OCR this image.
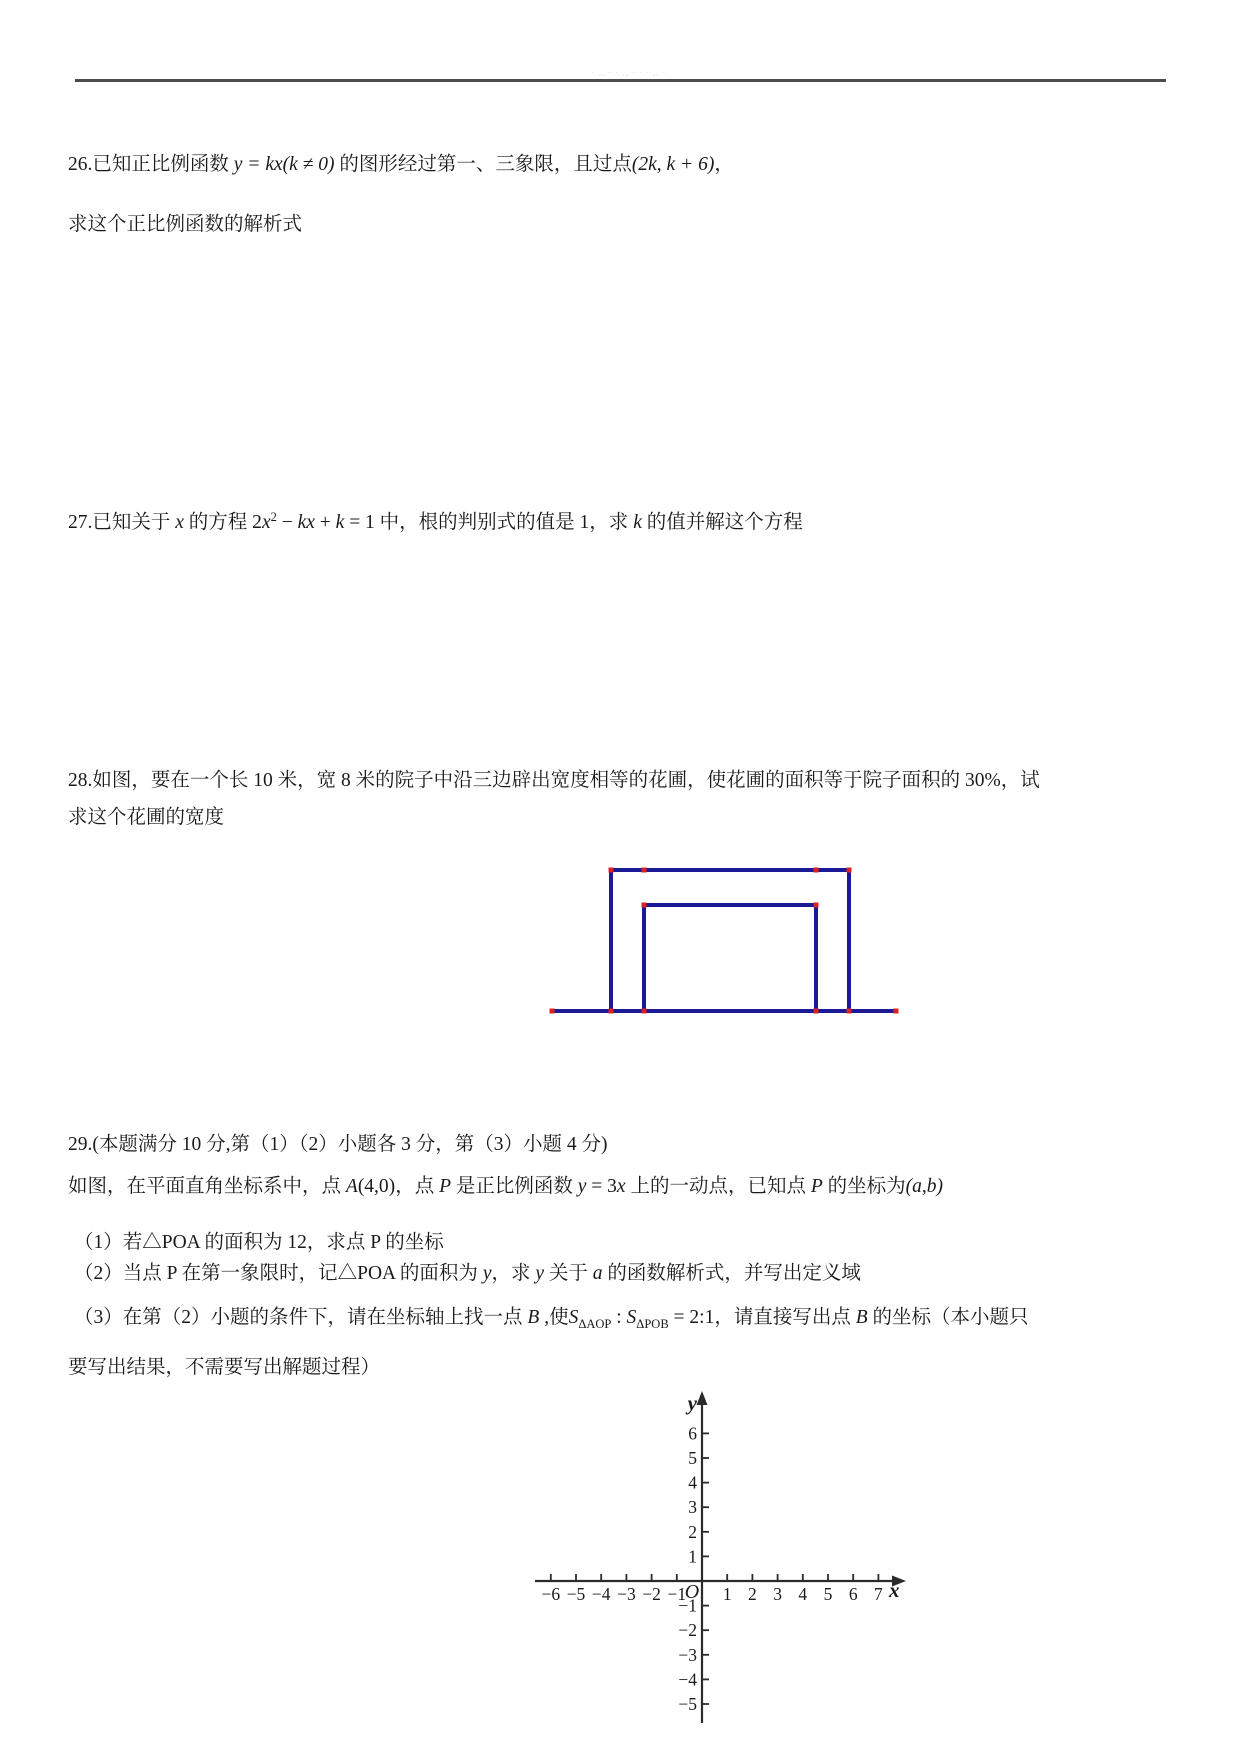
·‥··‥···‥·

26.已知正比例函数 y = kx(k ≠ 0) 的图形经过第一、三象限，且过点(2k, k + 6)，

求这个正比例函数的解析式

27.已知关于 x 的方程 $2x^2$ − kx + k = 1 中，根的判别式的值是 1，求 k 的值并解这个方程

28.如图，要在一个长 10 米，宽 8 米的院子中沿三边辟出宽度相等的花圃，使花圃的面积等于院子面积的 30%，试

求这个花圃的宽度

29.(本题满分 10 分,第（1）（2）小题各 3 分，第（3）小题 4 分)

如图，在平面直角坐标系中，点 A(4,0)，点 P 是正比例函数 y = 3x 上的一动点，已知点 P 的坐标为(a,b)

（1）若△POA 的面积为 12，求点 P 的坐标

（2）当点 P 在第一象限时，记△POA 的面积为 y，求 y 关于 a 的函数解析式，并写出定义域

（3）在第（2）小题的条件下，请在坐标轴上找一点 B ,使$S_{\Delta AOP}$ : $S_{\Delta POB}$ = 2:1，请直接写出点 B 的坐标（本小题只

要写出结果，不需要写出解题过程）

−6 −5 −4 −3 −2 −1 1 2 3 4 5 6 7
1
2
3
4
5
6
−1
−2
−3
−4
−5
y
x
O
